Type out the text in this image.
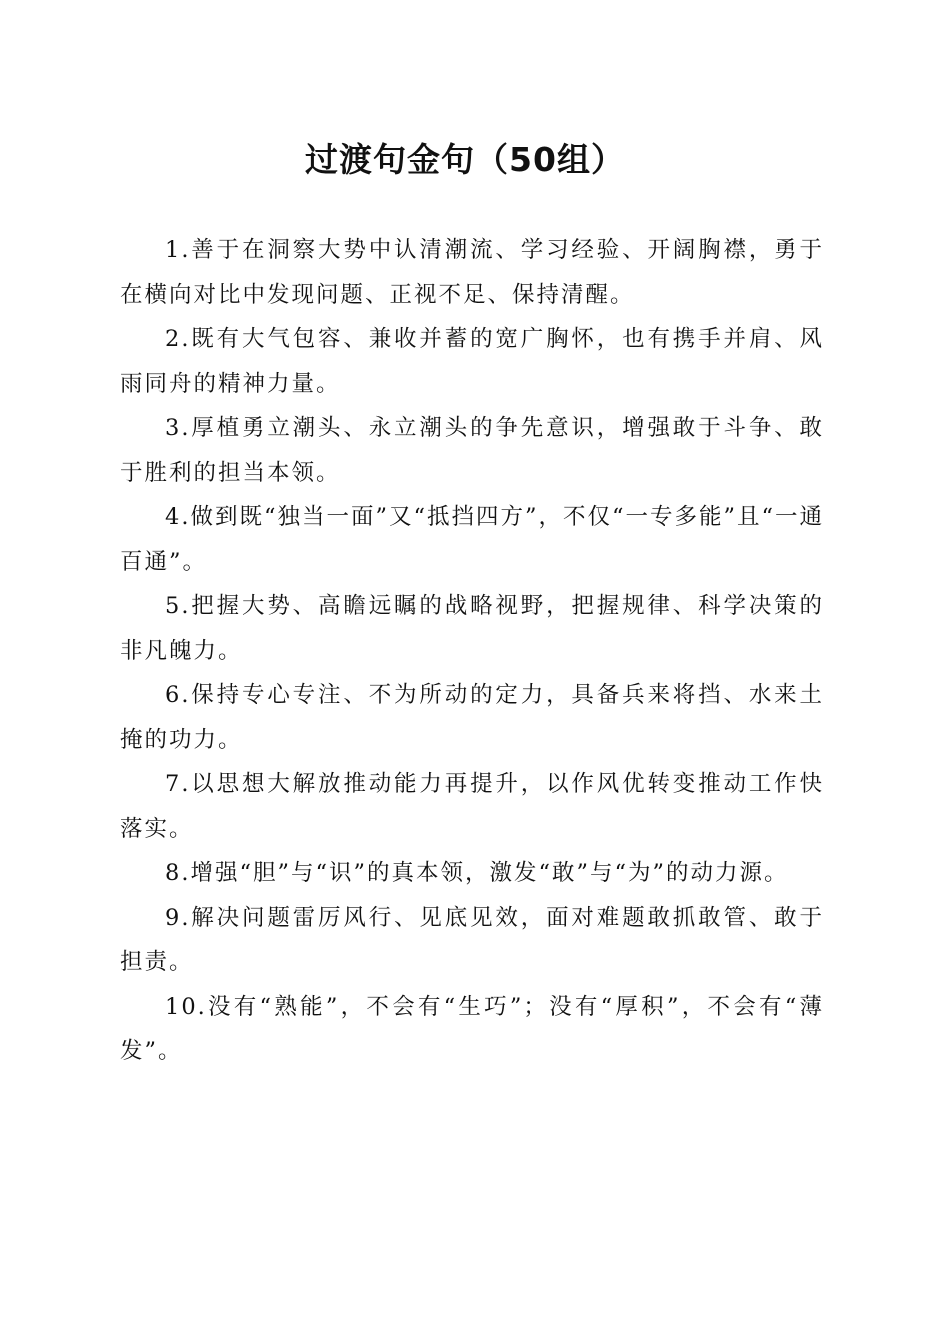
过渡句金句（50组）

1.善于在洞察大势中认清潮流、学习经验、开阔胸襟，勇于在横向对比中发现问题、正视不足、保持清醒。

2.既有大气包容、兼收并蓄的宽广胸怀，也有携手并肩、风雨同舟的精神力量。

3.厚植勇立潮头、永立潮头的争先意识，增强敢于斗争、敢于胜利的担当本领。

4.做到既“独当一面”又“抵挡四方”，不仅“一专多能”且“一通百通”。

5.把握大势、高瞻远瞩的战略视野，把握规律、科学决策的非凡魄力。

6.保持专心专注、不为所动的定力，具备兵来将挡、水来土掩的功力。

7.以思想大解放推动能力再提升，以作风优转变推动工作快落实。

8.增强“胆”与“识”的真本领，激发“敢”与“为”的动力源。

9.解决问题雷厉风行、见底见效，面对难题敢抓敢管、敢于担责。

10.没有“熟能”，不会有“生巧”；没有“厚积”，不会有“薄发”。
